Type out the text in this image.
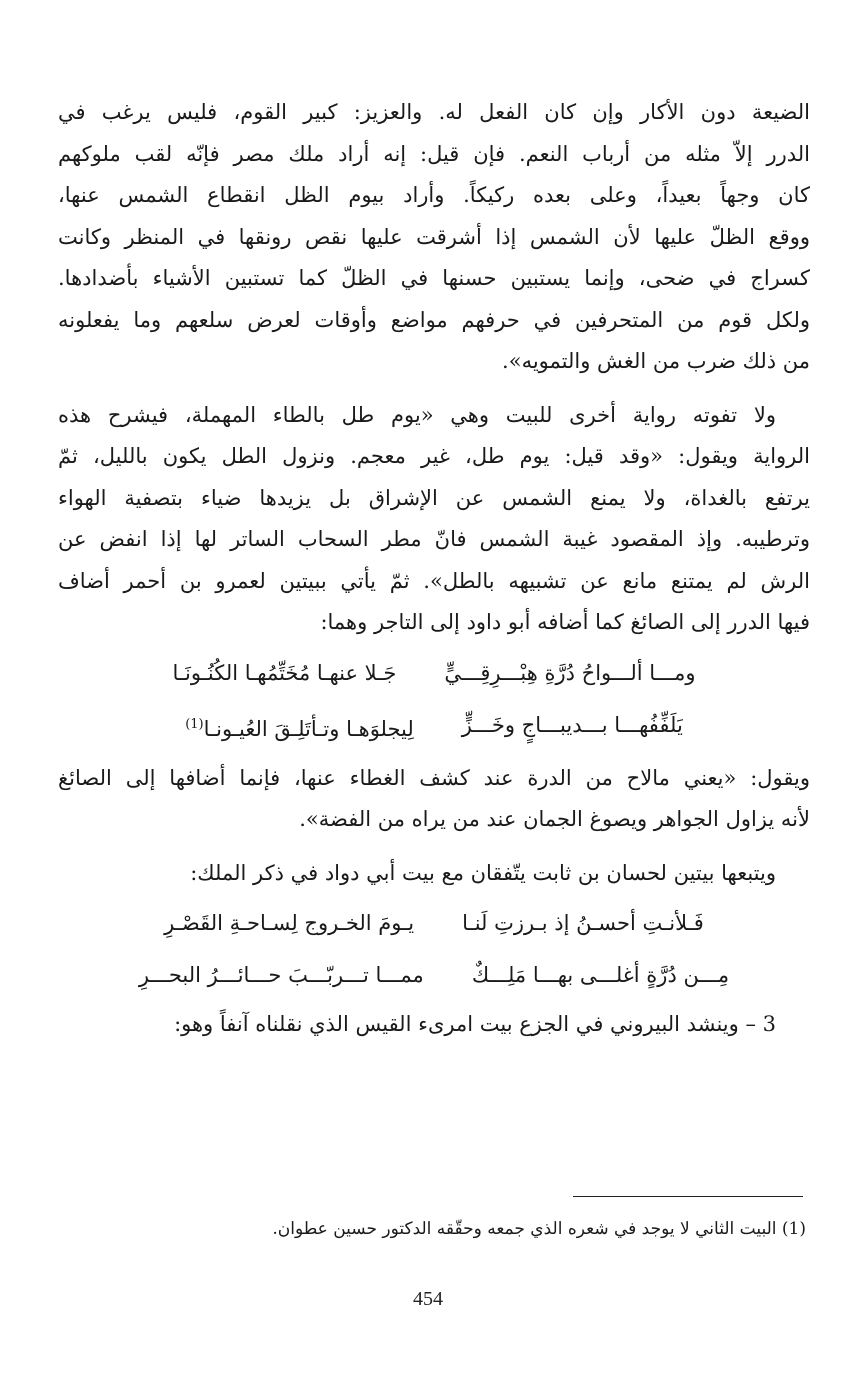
الضيعة دون الأكار وإن كان الفعل له. والعزيز: كبير القوم، فليس يرغب في
الدرر إلاّ مثله من أرباب النعم. فإن قيل: إنه أراد ملك مصر فإنّه لقب ملوكهم
كان وجهاً بعيداً، وعلى بعده ركيكاً. وأراد بيوم الظل انقطاع الشمس عنها،
ووقع الظلّ عليها لأن الشمس إذا أشرقت عليها نقص رونقها في المنظر وكانت
كسراج في ضحى، وإنما يستبين حسنها في الظلّ كما تستبين الأشياء بأضدادها.
ولكل قوم من المتحرفين في حرفهم مواضع وأوقات لعرض سلعهم وما يفعلونه
من ذلك ضرب من الغش والتمويه».
ولا تفوته رواية أخرى للبيت وهي «يوم طل بالطاء المهملة، فيشرح هذه
الرواية ويقول: «وقد قيل: يوم طل، غير معجم. ونزول الطل يكون بالليل، ثمّ
يرتفع بالغداة، ولا يمنع الشمس عن الإشراق بل يزيدها ضياء بتصفية الهواء
وترطيبه. وإذ المقصود غيبة الشمس فانّ مطر السحاب الساتر لها إذا انفض عن
الرش لم يمتنع مانع عن تشبيهه بالطل». ثمّ يأتي ببيتين لعمرو بن أحمر أضاف
فيها الدرر إلى الصائغ كما أضافه أبو داود إلى التاجر وهما:
ومـــا ألـــواحُ دُرَّةِ هِبْـــرِقِـــيٍّ
جَـلا عنهـا مُخَتِّمُهـا الكُنُـونَـا
يَلَفِّفُهـــا بـــديبـــاجٍ وخَـــزٍّ
لِيجلوَهـا وتـأتَلِـقَ العُيـونـا$^{(1)}$
ويقول: «يعني مالاح من الدرة عند كشف الغطاء عنها، فإنما أضافها إلى الصائغ
لأنه يزاول الجواهر ويصوغ الجمان عند من يراه من الفضة».
ويتبعها بيتين لحسان بن ثابت يتّفقان مع بيت أبي دواد في ذكر الملك:
فَـلأنـتِ أحسـنُ إذ بـرزتِ لَنـا
يـومَ الخـروج لِسـاحـةِ القَصْـرِ
مِـــن دُرَّةٍ أغلـــى بهـــا مَلِـــكٌ
ممـــا تـــربّـــبَ حـــائـــرُ البحـــرِ
3 – وينشد البيروني في الجزع بيت امرىء القيس الذي نقلناه آنفاً وهو:
(1) البيت الثاني لا يوجد في شعره الذي جمعه وحقّقه الدكتور حسين عطوان.
454
